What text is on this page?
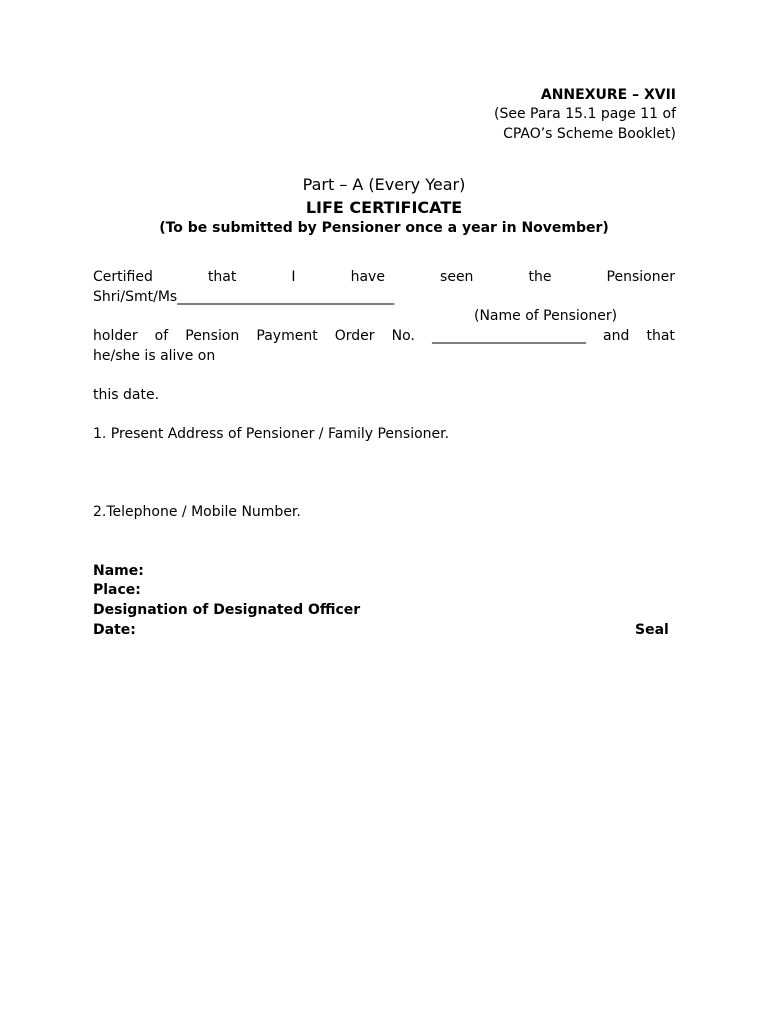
ANNEXURE – XVII
(See Para 15.1 page 11 of
CPAO’s Scheme Booklet)
Part – A (Every Year)
LIFE CERTIFICATE
(To be submitted by Pensioner once a year in November)
Certified	that	I	have	seen	the	Pensioner
Shri/Smt/Ms_______________________________
(Name of Pensioner)
holder of Pension Payment Order No. ______________________ and that
he/she is alive on
this date.
1. Present Address of Pensioner / Family Pensioner.
2.Telephone / Mobile Number.
Name:
Place:
Designation of Designated Officer
Date:	Seal
